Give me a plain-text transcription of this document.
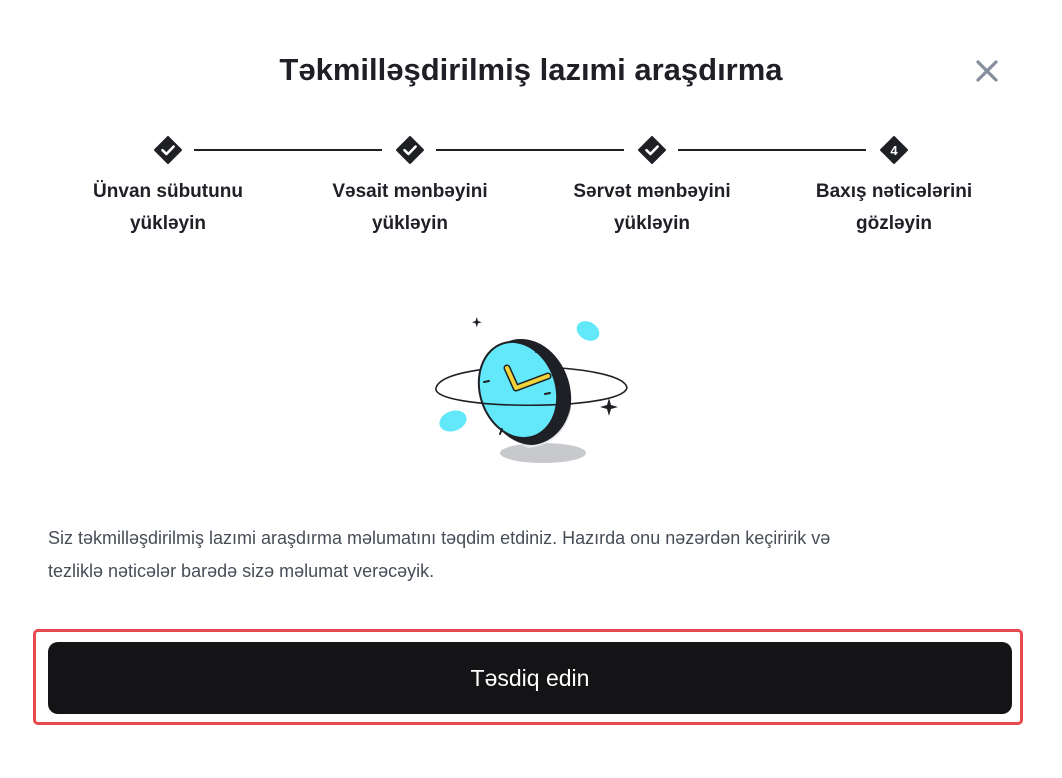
Təkmilləşdirilmiş lazımi araşdırma
Ünvan sübutunu
yükləyin
Vəsait mənbəyini
yükləyin
Sərvət mənbəyini
yükləyin
4
Baxış nəticələrini
gözləyin
Siz təkmilləşdirilmiş lazımi araşdırma məlumatını təqdim etdiniz. Hazırda onu nəzərdən keçiririk və
tezliklə nəticələr barədə sizə məlumat verəcəyik.
Təsdiq edin
